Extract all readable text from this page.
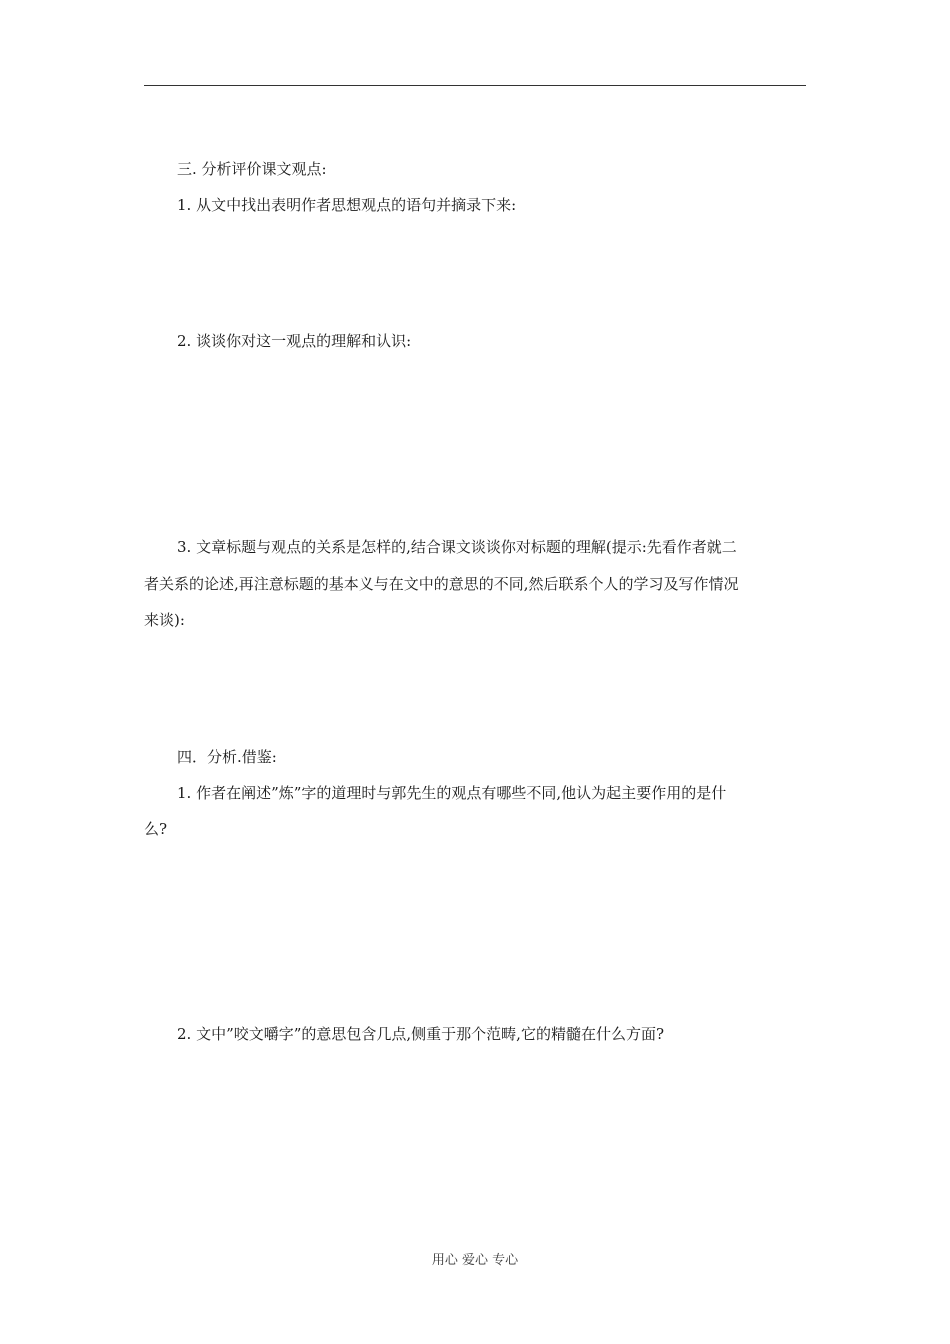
三. 分析评价课文观点:
1. 从文中找出表明作者思想观点的语句并摘录下来:
2. 谈谈你对这一观点的理解和认识:
3. 文章标题与观点的关系是怎样的,结合课文谈谈你对标题的理解(提示:先看作者就二
者关系的论述,再注意标题的基本义与在文中的意思的不同,然后联系个人的学习及写作情况
来谈):
四．分析.借鉴:
1. 作者在阐述”炼”字的道理时与郭先生的观点有哪些不同,他认为起主要作用的是什
么?
2. 文中”咬文嚼字”的意思包含几点,侧重于那个范畴,它的精髓在什么方面?
用心 爱心 专心
